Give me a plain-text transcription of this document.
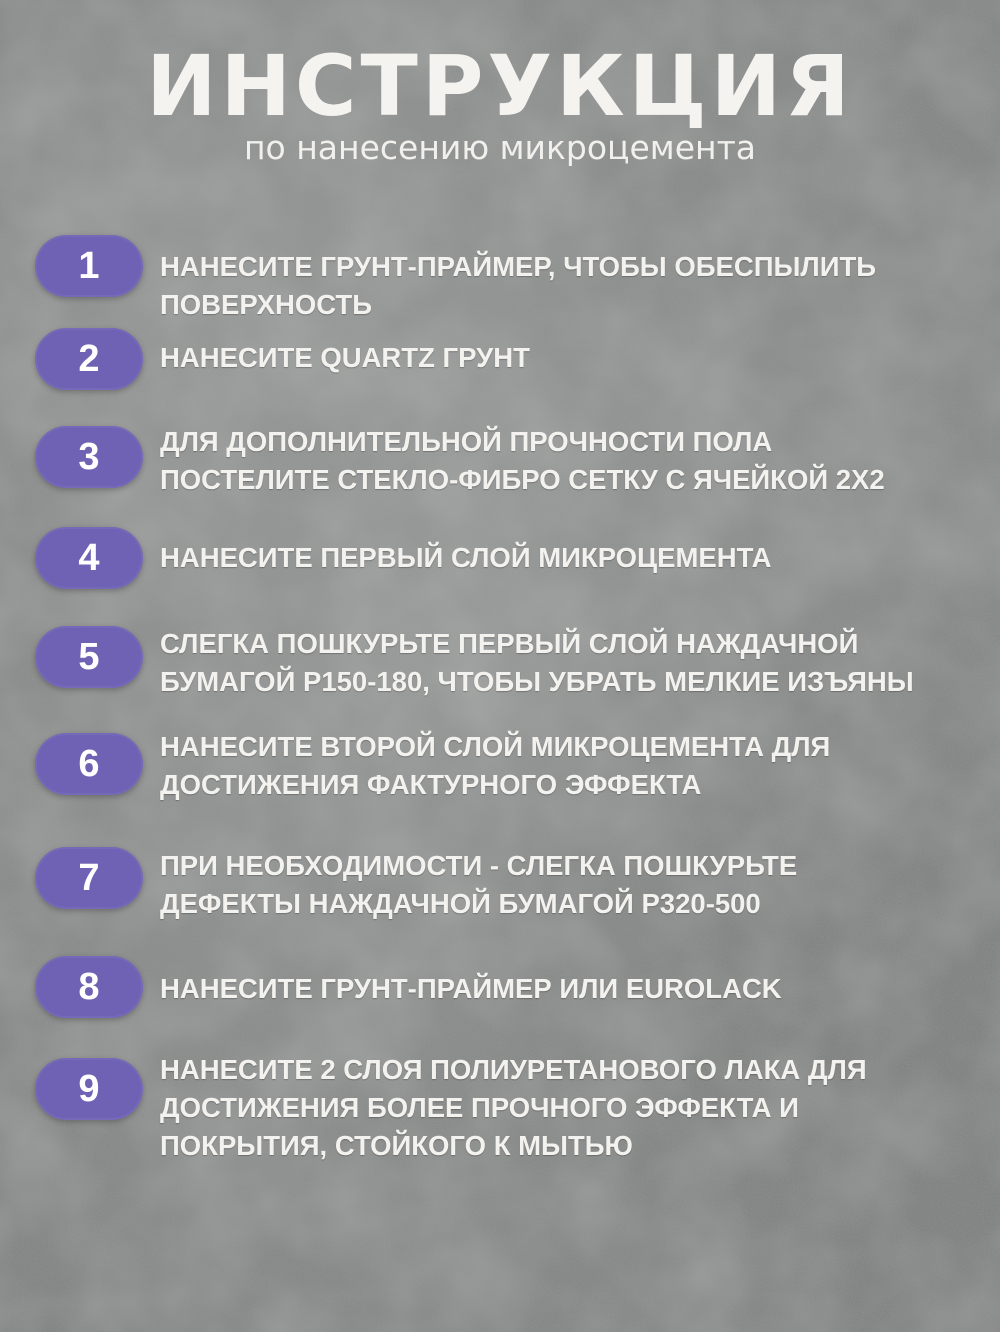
ИНСТРУКЦИЯ
по нанесению микроцемента
1 НАНЕСИТЕ ГРУНТ-ПРАЙМЕР, ЧТОБЫ ОБЕСПЫЛИТЬ
ПОВЕРХНОСТЬ
2 НАНЕСИТЕ QUARTZ ГРУНТ
3 ДЛЯ ДОПОЛНИТЕЛЬНОЙ ПРОЧНОСТИ ПОЛА
ПОСТЕЛИТЕ СТЕКЛО-ФИБРО СЕТКУ С ЯЧЕЙКОЙ 2Х2
4 НАНЕСИТЕ ПЕРВЫЙ СЛОЙ МИКРОЦЕМЕНТА
5 СЛЕГКА ПОШКУРЬТЕ ПЕРВЫЙ СЛОЙ НАЖДАЧНОЙ
БУМАГОЙ Р150-180, ЧТОБЫ УБРАТЬ МЕЛКИЕ ИЗЪЯНЫ
6 НАНЕСИТЕ ВТОРОЙ СЛОЙ МИКРОЦЕМЕНТА ДЛЯ
ДОСТИЖЕНИЯ ФАКТУРНОГО ЭФФЕКТА
7 ПРИ НЕОБХОДИМОСТИ - СЛЕГКА ПОШКУРЬТЕ
ДЕФЕКТЫ НАЖДАЧНОЙ БУМАГОЙ Р320-500
8 НАНЕСИТЕ ГРУНТ-ПРАЙМЕР ИЛИ EUROLACK
9 НАНЕСИТЕ 2 СЛОЯ ПОЛИУРЕТАНОВОГО ЛАКА ДЛЯ
ДОСТИЖЕНИЯ БОЛЕЕ ПРОЧНОГО ЭФФЕКТА И
ПОКРЫТИЯ, СТОЙКОГО К МЫТЬЮ
